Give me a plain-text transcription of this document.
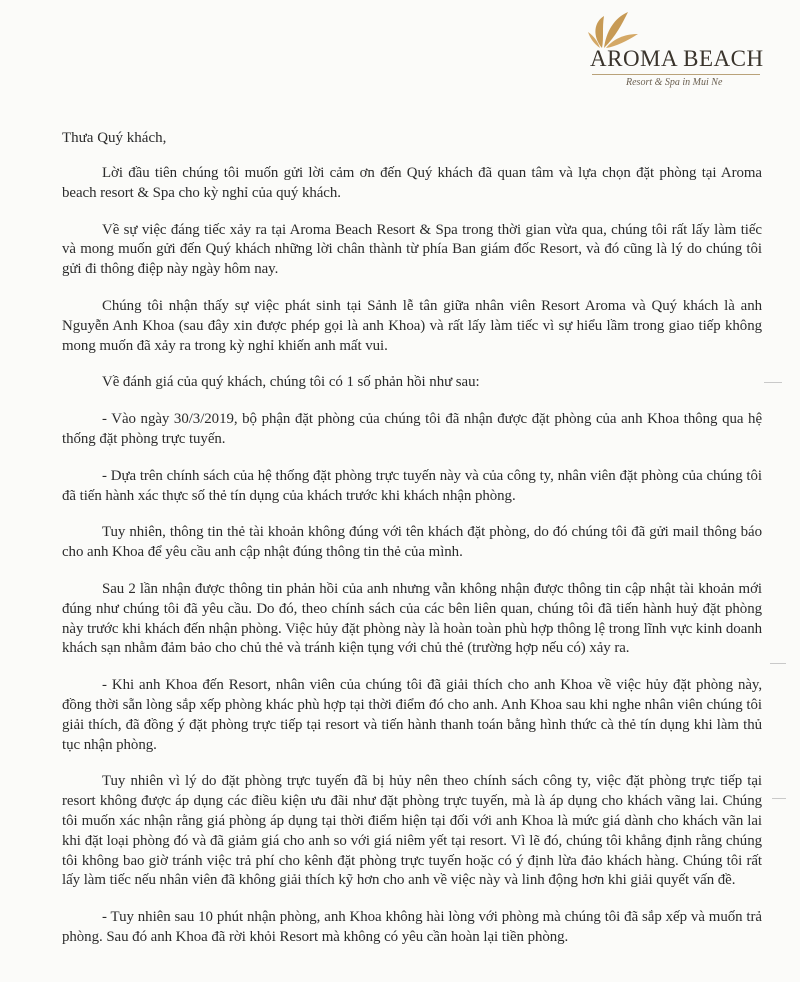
AROMA BEACH
Resort & Spa in Mui Ne

Thưa Quý khách,

Lời đầu tiên chúng tôi muốn gửi lời cảm ơn đến Quý khách đã quan tâm và lựa chọn đặt phòng tại Aroma beach resort & Spa cho kỳ nghỉ của quý khách.

Về sự việc đáng tiếc xảy ra tại Aroma Beach Resort & Spa trong thời gian vừa qua, chúng tôi rất lấy làm tiếc và mong muốn gửi đến Quý khách những lời chân thành từ phía Ban giám đốc Resort, và đó cũng là lý do chúng tôi gửi đi thông điệp này ngày hôm nay.

Chúng tôi nhận thấy sự việc phát sinh tại Sảnh lễ tân giữa nhân viên Resort Aroma và Quý khách là anh Nguyễn Anh Khoa (sau đây xin được phép gọi là anh Khoa) và rất lấy làm tiếc vì sự hiểu lầm trong giao tiếp không mong muốn đã xảy ra trong kỳ nghỉ khiến anh mất vui.

Về đánh giá của quý khách, chúng tôi có 1 số phản hồi như sau:

- Vào ngày 30/3/2019, bộ phận đặt phòng của chúng tôi đã nhận được đặt phòng của anh Khoa thông qua hệ thống đặt phòng trực tuyến.

- Dựa trên chính sách của hệ thống đặt phòng trực tuyến này và của công ty, nhân viên đặt phòng của chúng tôi đã tiến hành xác thực số thẻ tín dụng của khách trước khi khách nhận phòng.

Tuy nhiên, thông tin thẻ tài khoản không đúng với tên khách đặt phòng, do đó chúng tôi đã gửi mail thông báo cho anh Khoa để yêu cầu anh cập nhật đúng thông tin thẻ của mình.

Sau 2 lần nhận được thông tin phản hồi của anh nhưng vẫn không nhận được thông tin cập nhật tài khoản mới đúng như chúng tôi đã yêu cầu. Do đó, theo chính sách của các bên liên quan, chúng tôi đã tiến hành huỷ đặt phòng này trước khi khách đến nhận phòng. Việc hủy đặt phòng này là hoàn toàn phù hợp thông lệ trong lĩnh vực kinh doanh khách sạn nhằm đảm bảo cho chủ thẻ và tránh kiện tụng với chủ thẻ (trường hợp nếu có) xảy ra.

- Khi anh Khoa đến Resort, nhân viên của chúng tôi đã giải thích cho anh Khoa về việc hủy đặt phòng này, đồng thời sẵn lòng sắp xếp phòng khác phù hợp tại thời điểm đó cho anh. Anh Khoa sau khi nghe nhân viên chúng tôi giải thích, đã đồng ý đặt phòng trực tiếp tại resort và tiến hành thanh toán bằng hình thức cà thẻ tín dụng khi làm thủ tục nhận phòng.

Tuy nhiên vì lý do đặt phòng trực tuyến đã bị hủy nên theo chính sách công ty, việc đặt phòng trực tiếp tại resort không được áp dụng các điều kiện ưu đãi như đặt phòng trực tuyến, mà là áp dụng cho khách vãng lai. Chúng tôi muốn xác nhận rằng giá phòng áp dụng tại thời điểm hiện tại đối với anh Khoa là mức giá dành cho khách vãn lai khi đặt loại phòng đó và đã giảm giá cho anh so với giá niêm yết tại resort. Vì lẽ đó, chúng tôi khẳng định rằng chúng tôi không bao giờ tránh việc trả phí cho kênh đặt phòng trực tuyến hoặc có ý định lừa đảo khách hàng. Chúng tôi rất lấy làm tiếc nếu nhân viên đã không giải thích kỹ hơn cho anh về việc này và linh động hơn khi giải quyết vấn đề.

- Tuy nhiên sau 10 phút nhận phòng, anh Khoa không hài lòng với phòng mà chúng tôi đã sắp xếp và muốn trả phòng. Sau đó anh Khoa đã rời khỏi Resort mà không có yêu cần hoàn lại tiền phòng.
